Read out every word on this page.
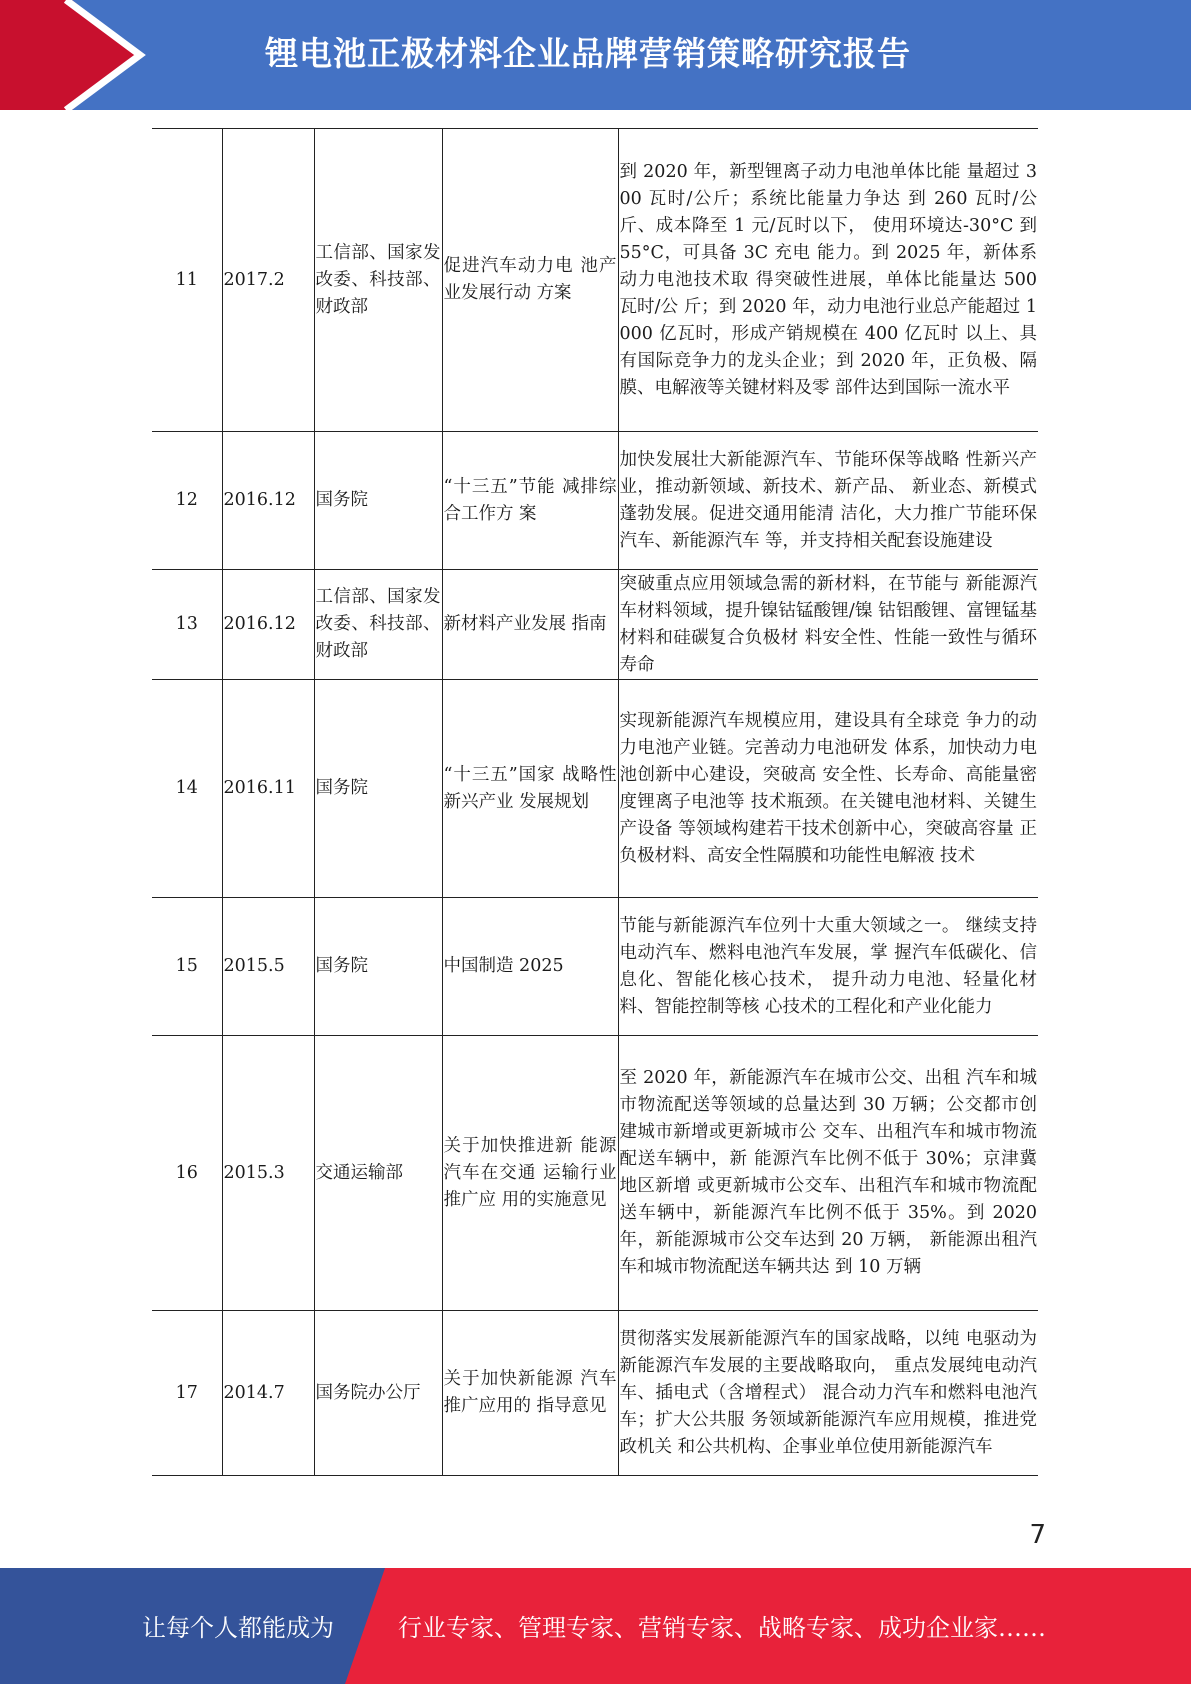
锂电池正极材料企业品牌营销策略研究报告
11	2017.2	工信部、国家发改委、科技部、财政部	促进汽车动力电 池产业发展行动 方案	到 2020 年，新型锂离子动力电池单体比能 量超过 300 瓦时/公斤；系统比能量力争达 到 260 瓦时/公斤、成本降至 1 元/瓦时以下， 使用环境达-30°C 到 55°C，可具备 3C 充电 能力。到 2025 年，新体系动力电池技术取 得突破性进展，单体比能量达 500 瓦时/公 斤；到 2020 年，动力电池行业总产能超过 1000 亿瓦时，形成产销规模在 400 亿瓦时 以上、具有国际竞争力的龙头企业；到 2020 年，正负极、隔膜、电解液等关键材料及零 部件达到国际一流水平
12	2016.12	国务院	“十三五”节能 减排综合工作方 案	加快发展壮大新能源汽车、节能环保等战略 性新兴产业，推动新领域、新技术、新产品、 新业态、新模式蓬勃发展。促进交通用能清 洁化，大力推广节能环保汽车、新能源汽车 等，并支持相关配套设施建设
13	2016.12	工信部、国家发改委、科技部、财政部	新材料产业发展 指南	突破重点应用领域急需的新材料，在节能与 新能源汽车材料领域，提升镍钴锰酸锂/镍 钴铝酸锂、富锂锰基材料和硅碳复合负极材 料安全性、性能一致性与循环寿命
14	2016.11	国务院	“十三五”国家 战略性新兴产业 发展规划	实现新能源汽车规模应用，建设具有全球竞 争力的动力电池产业链。完善动力电池研发 体系，加快动力电池创新中心建设，突破高 安全性、长寿命、高能量密度锂离子电池等 技术瓶颈。在关键电池材料、关键生产设备 等领域构建若干技术创新中心，突破高容量 正负极材料、高安全性隔膜和功能性电解液 技术
15	2015.5	国务院	中国制造 2025	节能与新能源汽车位列十大重大领域之一。 继续支持电动汽车、燃料电池汽车发展，掌 握汽车低碳化、信息化、智能化核心技术， 提升动力电池、轻量化材料、智能控制等核 心技术的工程化和产业化能力
16	2015.3	交通运输部	关于加快推进新 能源汽车在交通 运输行业推广应 用的实施意见	至 2020 年，新能源汽车在城市公交、出租 汽车和城市物流配送等领域的总量达到 30 万辆；公交都市创建城市新增或更新城市公 交车、出租汽车和城市物流配送车辆中，新 能源汽车比例不低于 30%；京津冀地区新增 或更新城市公交车、出租汽车和城市物流配 送车辆中，新能源汽车比例不低于 35%。到 2020 年，新能源城市公交车达到 20 万辆， 新能源出租汽车和城市物流配送车辆共达 到 10 万辆
17	2014.7	国务院办公厅	关于加快新能源 汽车推广应用的 指导意见	贯彻落实发展新能源汽车的国家战略，以纯 电驱动为新能源汽车发展的主要战略取向， 重点发展纯电动汽车、插电式（含增程式） 混合动力汽车和燃料电池汽车；扩大公共服 务领域新能源汽车应用规模，推进党政机关 和公共机构、企事业单位使用新能源汽车
7
让每个人都能成为	行业专家、管理专家、营销专家、战略专家、成功企业家……
